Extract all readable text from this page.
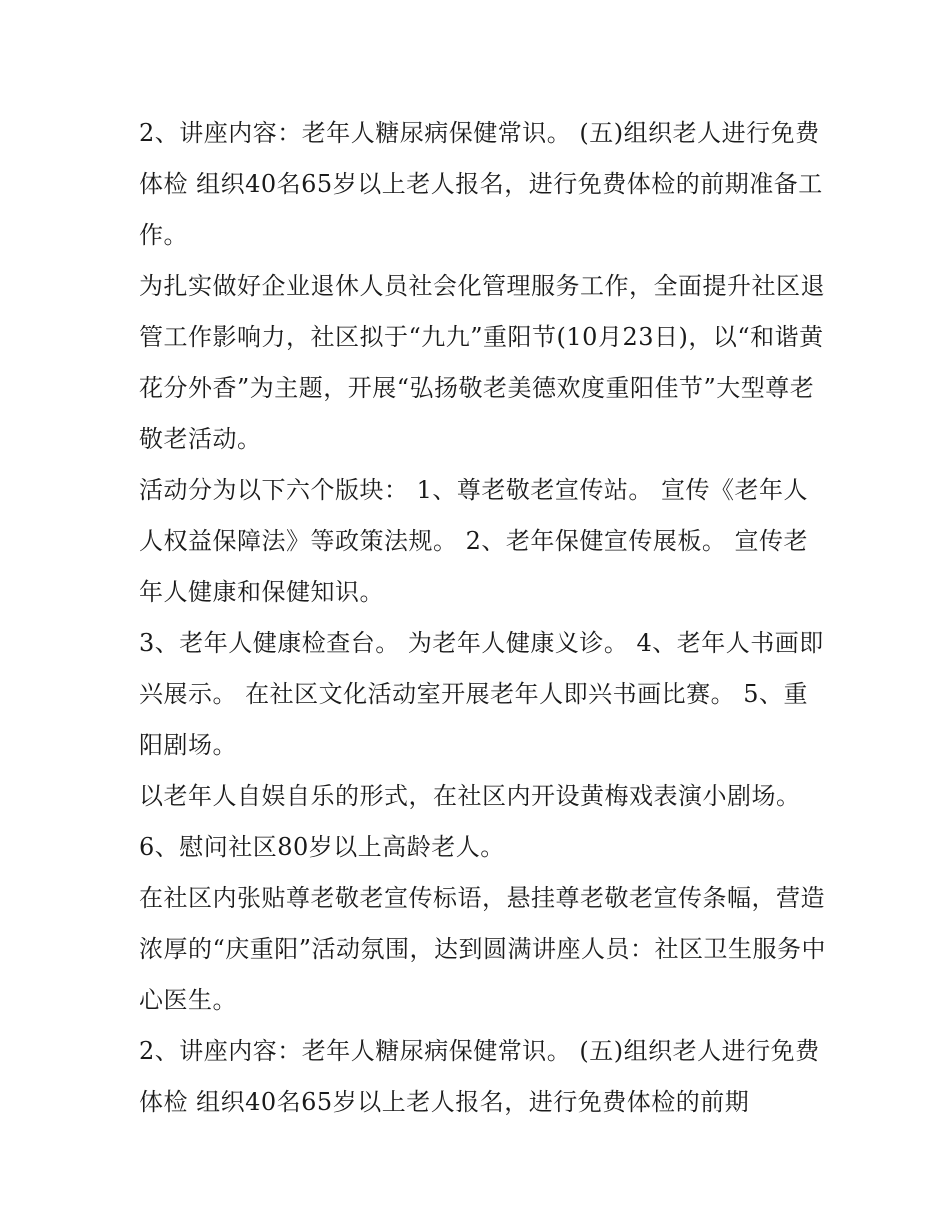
2、讲座内容：老年人糖尿病保健常识。 (五)组织老人进行免费体检 组织40名65岁以上老人报名，进行免费体检的前期准备工作。

为扎实做好企业退休人员社会化管理服务工作，全面提升社区退管工作影响力，社区拟于“九九”重阳节(10月23日)，以“和谐黄花分外香”为主题，开展“弘扬敬老美德欢度重阳佳节”大型尊老敬老活动。

活动分为以下六个版块： 1、尊老敬老宣传站。 宣传《老年人人权益保障法》等政策法规。 2、老年保健宣传展板。 宣传老年人健康和保健知识。

3、老年人健康检查台。 为老年人健康义诊。 4、老年人书画即兴展示。 在社区文化活动室开展老年人即兴书画比赛。 5、重阳剧场。

以老年人自娱自乐的形式，在社区内开设黄梅戏表演小剧场。

6、慰问社区80岁以上高龄老人。

在社区内张贴尊老敬老宣传标语，悬挂尊老敬老宣传条幅，营造浓厚的“庆重阳”活动氛围，达到圆满讲座人员：社区卫生服务中心医生。

2、讲座内容：老年人糖尿病保健常识。 (五)组织老人进行免费体检 组织40名65岁以上老人报名，进行免费体检的前期
